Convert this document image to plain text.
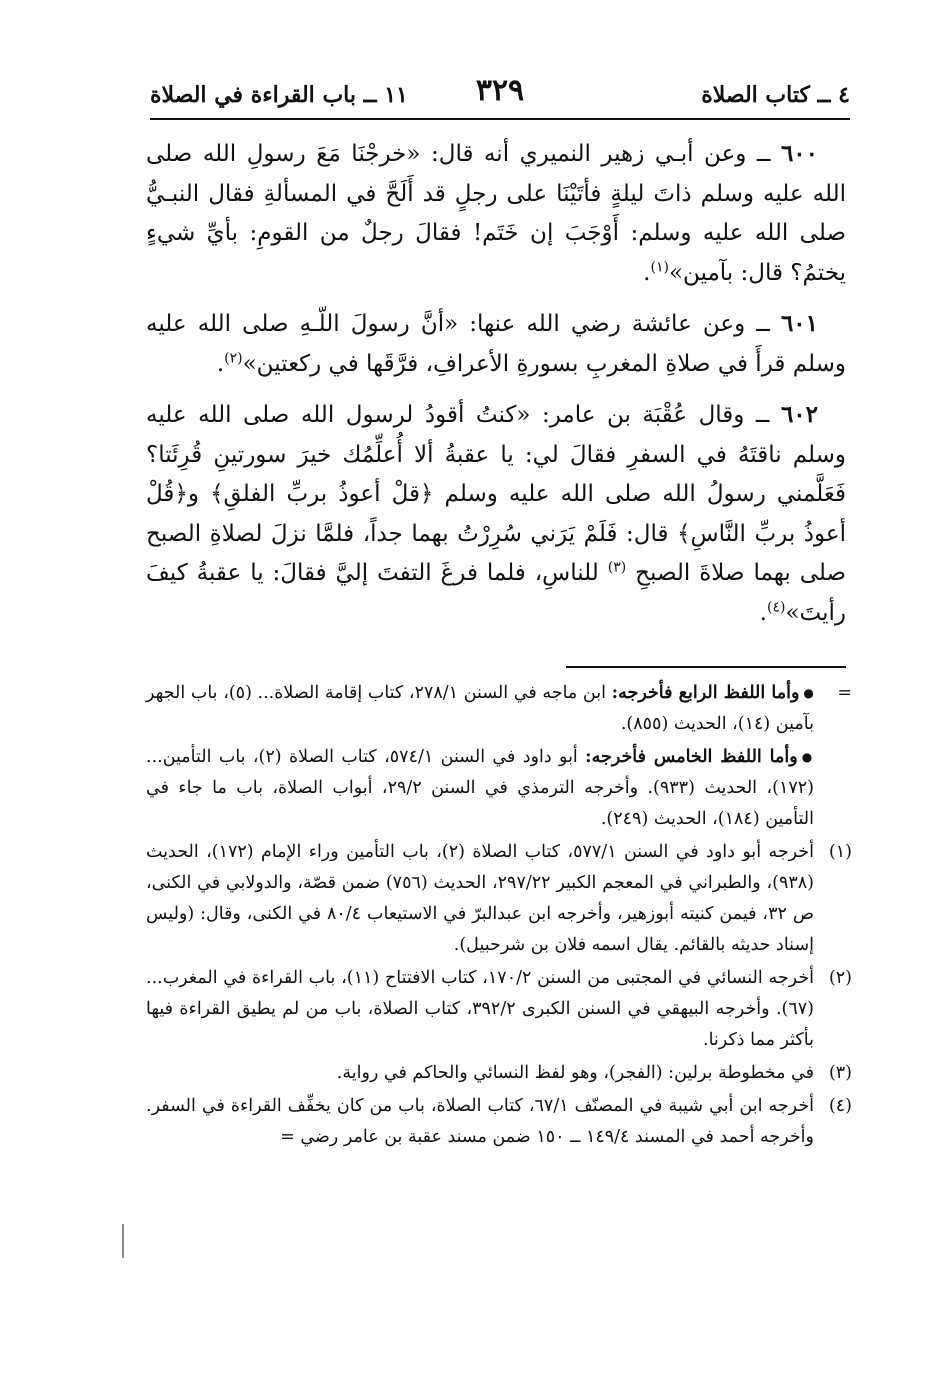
٤ ــ كتاب الصلاة
٣٢٩
١١ ــ باب القراءة في الصلاة

٦٠٠ ــ وعن أبـي زهير النميري أنه قال: «خرجْنَا مَعَ رسولِ الله صلى الله عليه وسلم ذاتَ ليلةٍ فأتَيْنَا على رجلٍ قد أَلَحَّ في المسألةِ فقال النبـيُّ صلى الله عليه وسلم: أَوْجَبَ إن خَتَم! فقالَ رجلٌ من القومِ: بأيِّ شيءٍ يختمُ؟ قال: بآمين»$^{(١)}$.

٦٠١ ــ وعن عائشة رضي الله عنها: «أنَّ رسولَ اللّـهِ صلى الله عليه وسلم قرأَ في صلاةِ المغربِ بسورةِ الأعرافِ، فرَّقَها في ركعتين»$^{(٢)}$.

٦٠٢ ــ وقال عُقْبَة بن عامر: «كنتُ أقودُ لرسول الله صلى الله عليه وسلم ناقتَهُ في السفرِ فقالَ لي: يا عقبةُ ألا أُعلِّمُك خيرَ سورتينِ قُرِئَتا؟ فَعَلَّمني رسولُ الله صلى الله عليه وسلم ﴿قلْ أعوذُ بربِّ الفلقِ﴾ و﴿قُلْ أعوذُ بربِّ النَّاسِ﴾ قال: فَلَمْ يَرَني سُرِرْتُ بهما جداً، فلمَّا نزلَ لصلاةِ الصبح صلى بهما صلاةَ الصبحِ $^{(٣)}$ للناسِ، فلما فرغَ التفتَ إليَّ فقالَ: يا عقبةُ كيفَ رأيتَ»$^{(٤)}$.

=
●وأما اللفظ الرابع فأخرجه: ابن ماجه في السنن ٢٧٨/١، كتاب إقامة الصلاة... (٥)، باب الجهر بآمين (١٤)، الحديث (٨٥٥).
●وأما اللفظ الخامس فأخرجه: أبو داود في السنن ٥٧٤/١، كتاب الصلاة (٢)، باب التأمين... (١٧٢)، الحديث (٩٣٣). وأخرجه الترمذي في السنن ٢٩/٢، أبواب الصلاة، باب ما جاء في التأمين (١٨٤)، الحديث (٢٤٩).
(١)
أخرجه أبو داود في السنن ٥٧٧/١، كتاب الصلاة (٢)، باب التأمين وراء الإمام (١٧٢)، الحديث (٩٣٨)، والطبراني في المعجم الكبير ٢٩٧/٢٢، الحديث (٧٥٦) ضمن قصّة، والدولابي في الكنى، ص ٣٢، فيمن كنيته أبوزهير، وأخرجه ابن عبدالبرّ في الاستيعاب ٨٠/٤ في الكنى، وقال: (وليس إسناد حديثه بالقائم. يقال اسمه فلان بن شرحبيل).
(٢)
أخرجه النسائي في المجتبى من السنن ١٧٠/٢، كتاب الافتتاح (١١)، باب القراءة في المغرب... (٦٧). وأخرجه البيهقي في السنن الكبرى ٣٩٢/٢، كتاب الصلاة، باب من لم يطيق القراءة فيها بأكثر مما ذكرنا.
(٣)
في مخطوطة برلين: (الفجر)، وهو لفظ النسائي والحاكم في رواية.
(٤)
أخرجه ابن أبي شيبة في المصنّف ٦٧/١، كتاب الصلاة، باب من كان يخفِّف القراءة في السفر. وأخرجه أحمد في المسند ١٤٩/٤ ــ ١٥٠ ضمن مسند عقبة بن عامر رضي =
